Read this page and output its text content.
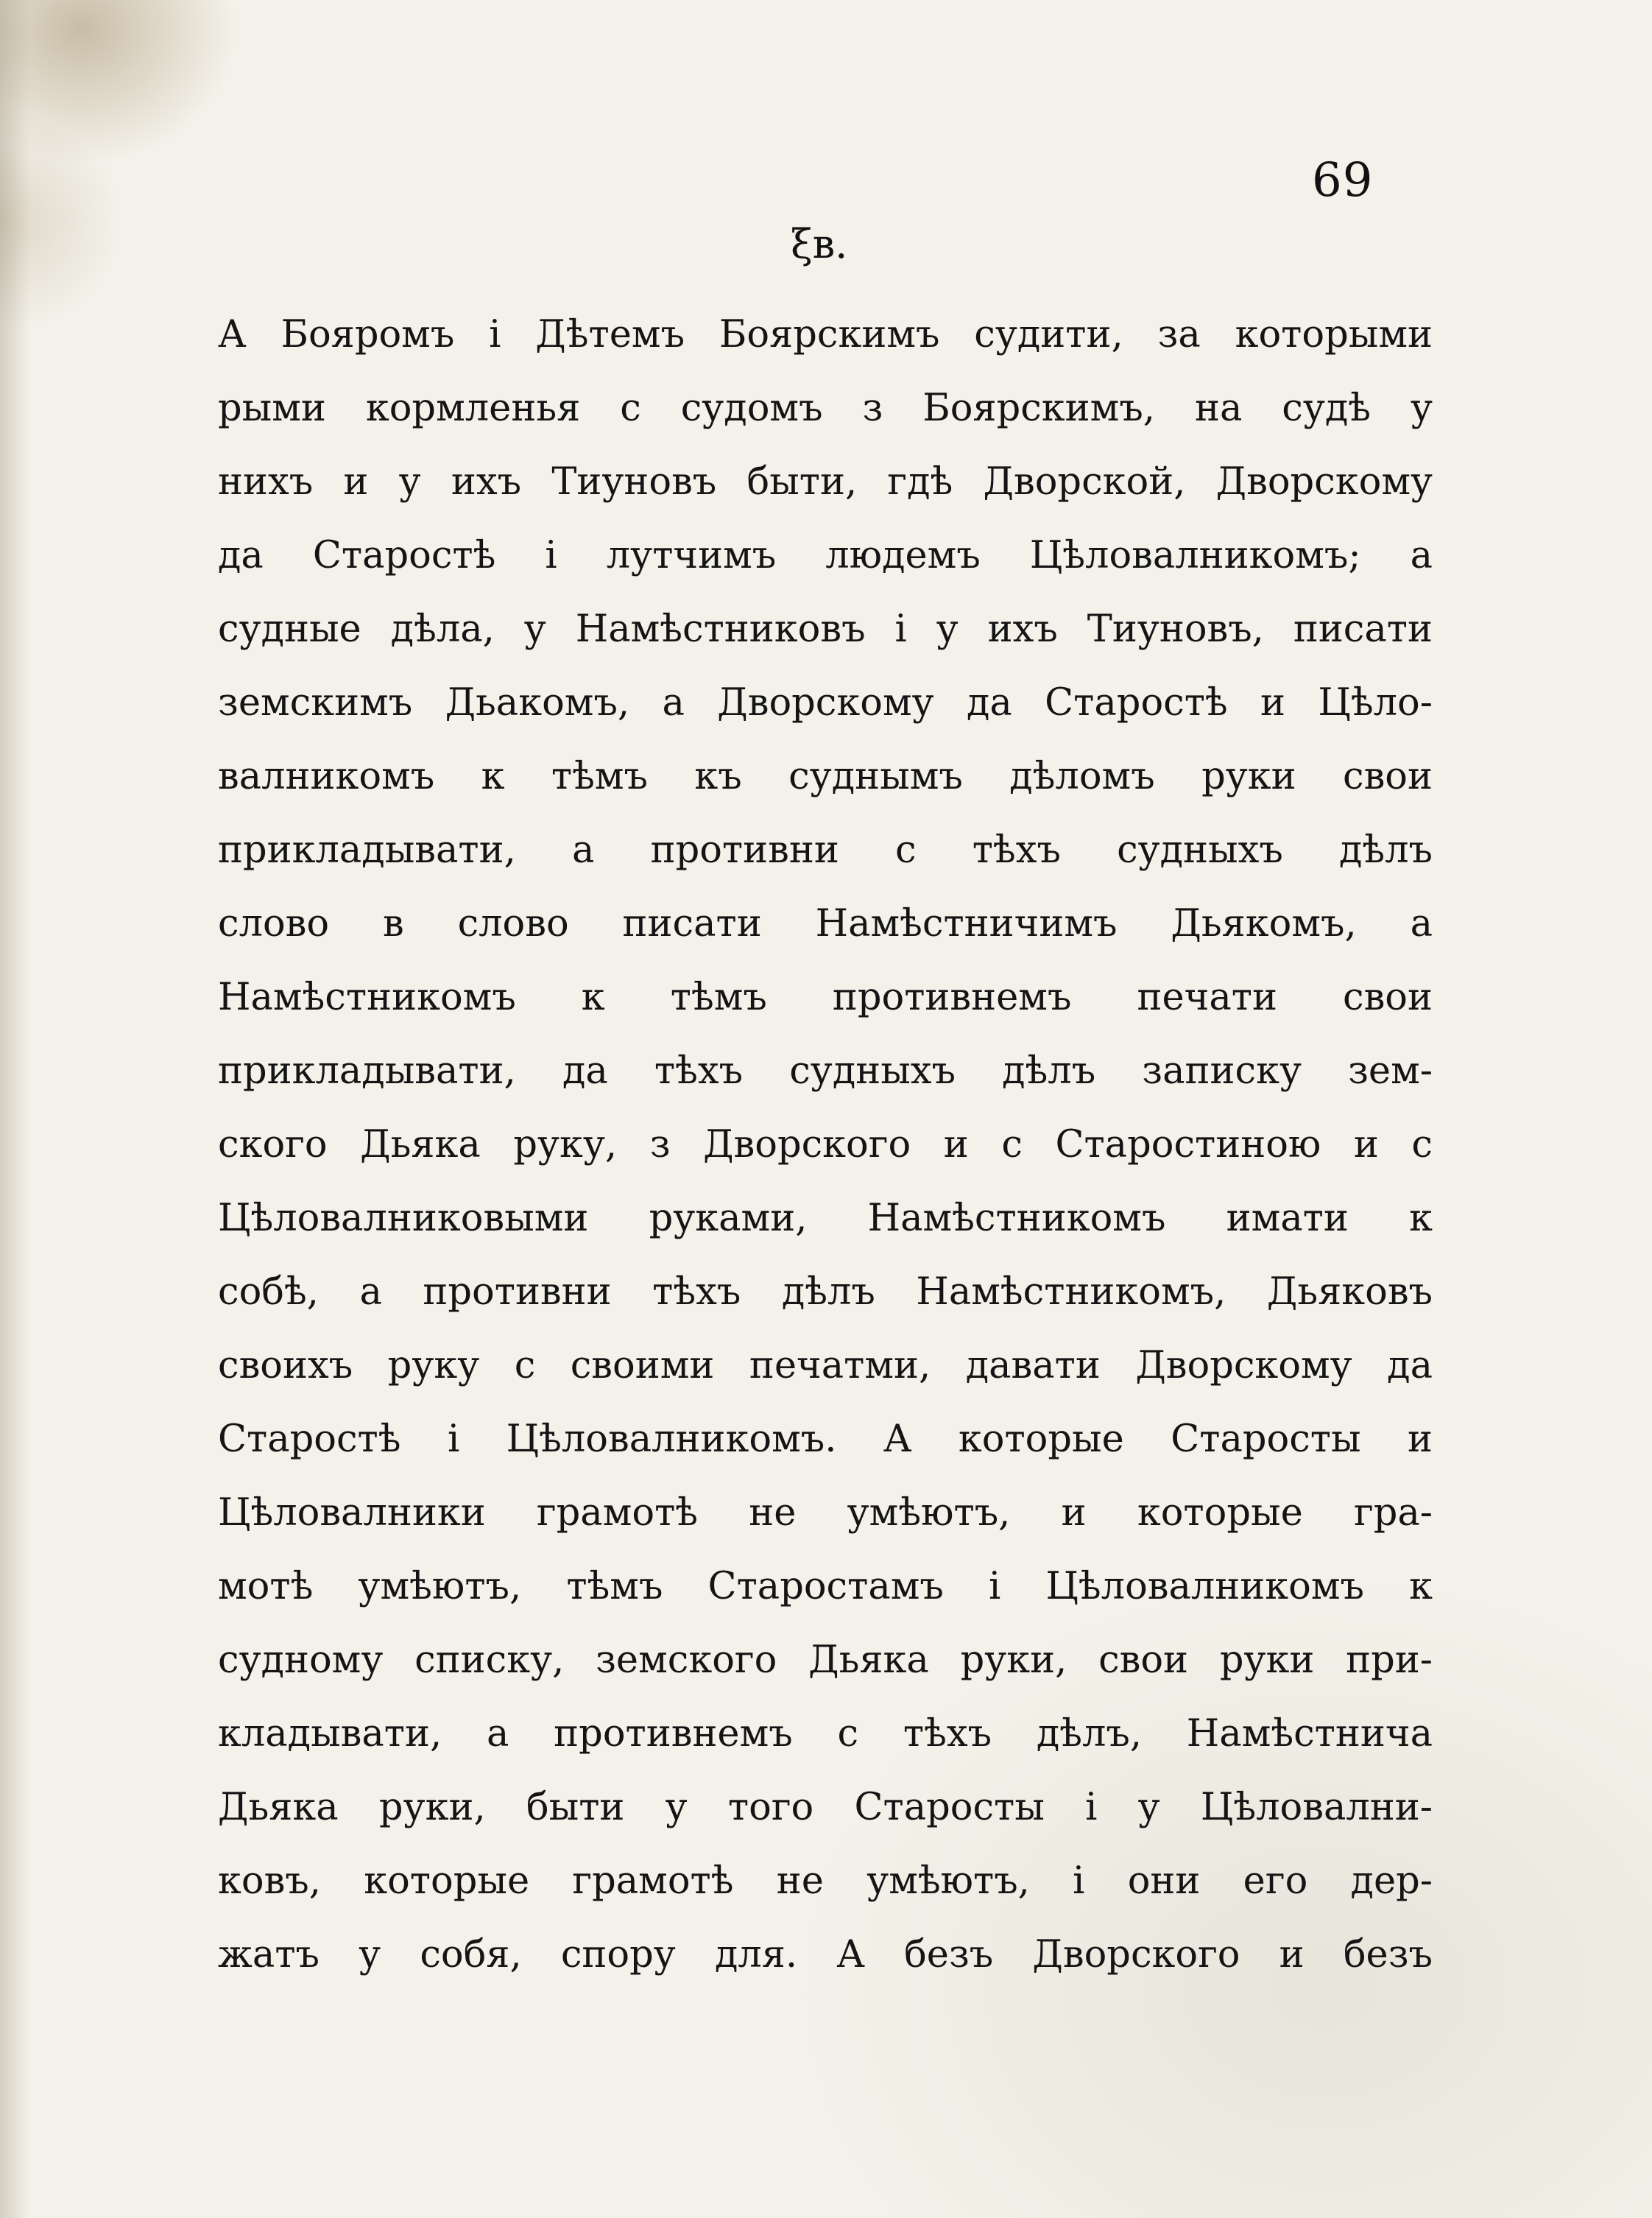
69
ξв.
А Бояромъ і Дѣтемъ Боярскимъ судити, за которыми
рыми кормленья с судомъ з Боярскимъ, на судѣ у
нихъ и у ихъ Тиуновъ быти, гдѣ Дворской, Дворскому
да Старостѣ і лутчимъ людемъ Цѣловалникомъ; а
судные дѣла, у Намѣстниковъ і у ихъ Тиуновъ, писати
земскимъ Дьакомъ, а Дворскому да Старостѣ и Цѣло-
валникомъ к тѣмъ къ суднымъ дѣломъ руки свои
прикладывати, а противни с тѣхъ судныхъ дѣлъ
слово в слово писати Намѣстничимъ Дьякомъ, а
Намѣстникомъ к тѣмъ противнемъ печати свои
прикладывати, да тѣхъ судныхъ дѣлъ записку зем-
ского Дьяка руку, з Дворского и с Старостиною и с
Цѣловалниковыми руками, Намѣстникомъ имати к
собѣ, а противни тѣхъ дѣлъ Намѣстникомъ, Дьяковъ
своихъ руку с своими печатми, давати Дворскому да
Старостѣ і Цѣловалникомъ. А которые Старосты и
Цѣловалники грамотѣ не умѣютъ, и которые гра-
мотѣ умѣютъ, тѣмъ Старостамъ і Цѣловалникомъ к
судному списку, земского Дьяка руки, свои руки при-
кладывати, а противнемъ с тѣхъ дѣлъ, Намѣстнича
Дьяка руки, быти у того Старосты і у Цѣловални-
ковъ, которые грамотѣ не умѣютъ, і они его дер-
жатъ у собя, спору для. А безъ Дворского и безъ
